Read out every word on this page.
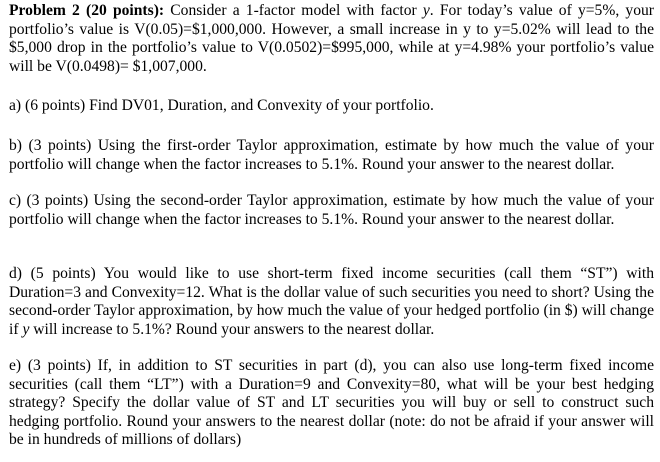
Problem 2 (20 points): Consider a 1-factor model with factor y. For today’s value of y=5%, your portfolio’s value is V(0.05)=$1,000,000. However, a small increase in y to y=5.02% will lead to the $5,000 drop in the portfolio’s value to V(0.0502)=$995,000, while at y=4.98% your portfolio’s value will be V(0.0498)= $1,007,000.

a) (6 points) Find DV01, Duration, and Convexity of your portfolio.

b) (3 points) Using the first-order Taylor approximation, estimate by how much the value of your portfolio will change when the factor increases to 5.1%. Round your answer to the nearest dollar.

c) (3 points) Using the second-order Taylor approximation, estimate by how much the value of your portfolio will change when the factor increases to 5.1%. Round your answer to the nearest dollar.

d) (5 points) You would like to use short-term fixed income securities (call them “ST”) with Duration=3 and Convexity=12. What is the dollar value of such securities you need to short? Using the second-order Taylor approximation, by how much the value of your hedged portfolio (in $) will change if y will increase to 5.1%? Round your answers to the nearest dollar.

e) (3 points) If, in addition to ST securities in part (d), you can also use long-term fixed income securities (call them “LT”) with a Duration=9 and Convexity=80, what will be your best hedging strategy? Specify the dollar value of ST and LT securities you will buy or sell to construct such hedging portfolio. Round your answers to the nearest dollar (note: do not be afraid if your answer will be in hundreds of millions of dollars)
